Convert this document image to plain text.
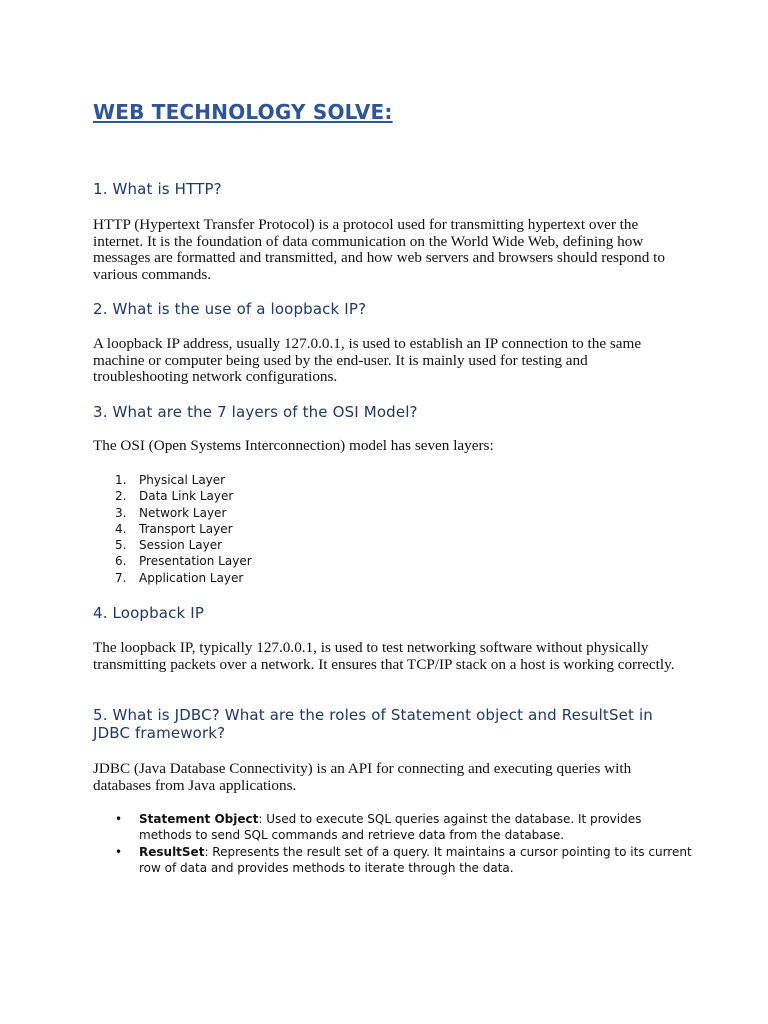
WEB TECHNOLOGY SOLVE:
1. What is HTTP?

HTTP (Hypertext Transfer Protocol) is a protocol used for transmitting hypertext over the internet. It is the foundation of data communication on the World Wide Web, defining how messages are formatted and transmitted, and how web servers and browsers should respond to various commands.

2. What is the use of a loopback IP?

A loopback IP address, usually 127.0.0.1, is used to establish an IP connection to the same machine or computer being used by the end-user. It is mainly used for testing and troubleshooting network configurations.

3. What are the 7 layers of the OSI Model?

The OSI (Open Systems Interconnection) model has seven layers:

1. Physical Layer
2. Data Link Layer
3. Network Layer
4. Transport Layer
5. Session Layer
6. Presentation Layer
7. Application Layer
4. Loopback IP

The loopback IP, typically 127.0.0.1, is used to test networking software without physically transmitting packets over a network. It ensures that TCP/IP stack on a host is working correctly.

5. What is JDBC? What are the roles of Statement object and ResultSet in JDBC framework?

JDBC (Java Database Connectivity) is an API for connecting and executing queries with databases from Java applications.

• Statement Object: Used to execute SQL queries against the database. It provides methods to send SQL commands and retrieve data from the database.
• ResultSet: Represents the result set of a query. It maintains a cursor pointing to its current row of data and provides methods to iterate through the data.
